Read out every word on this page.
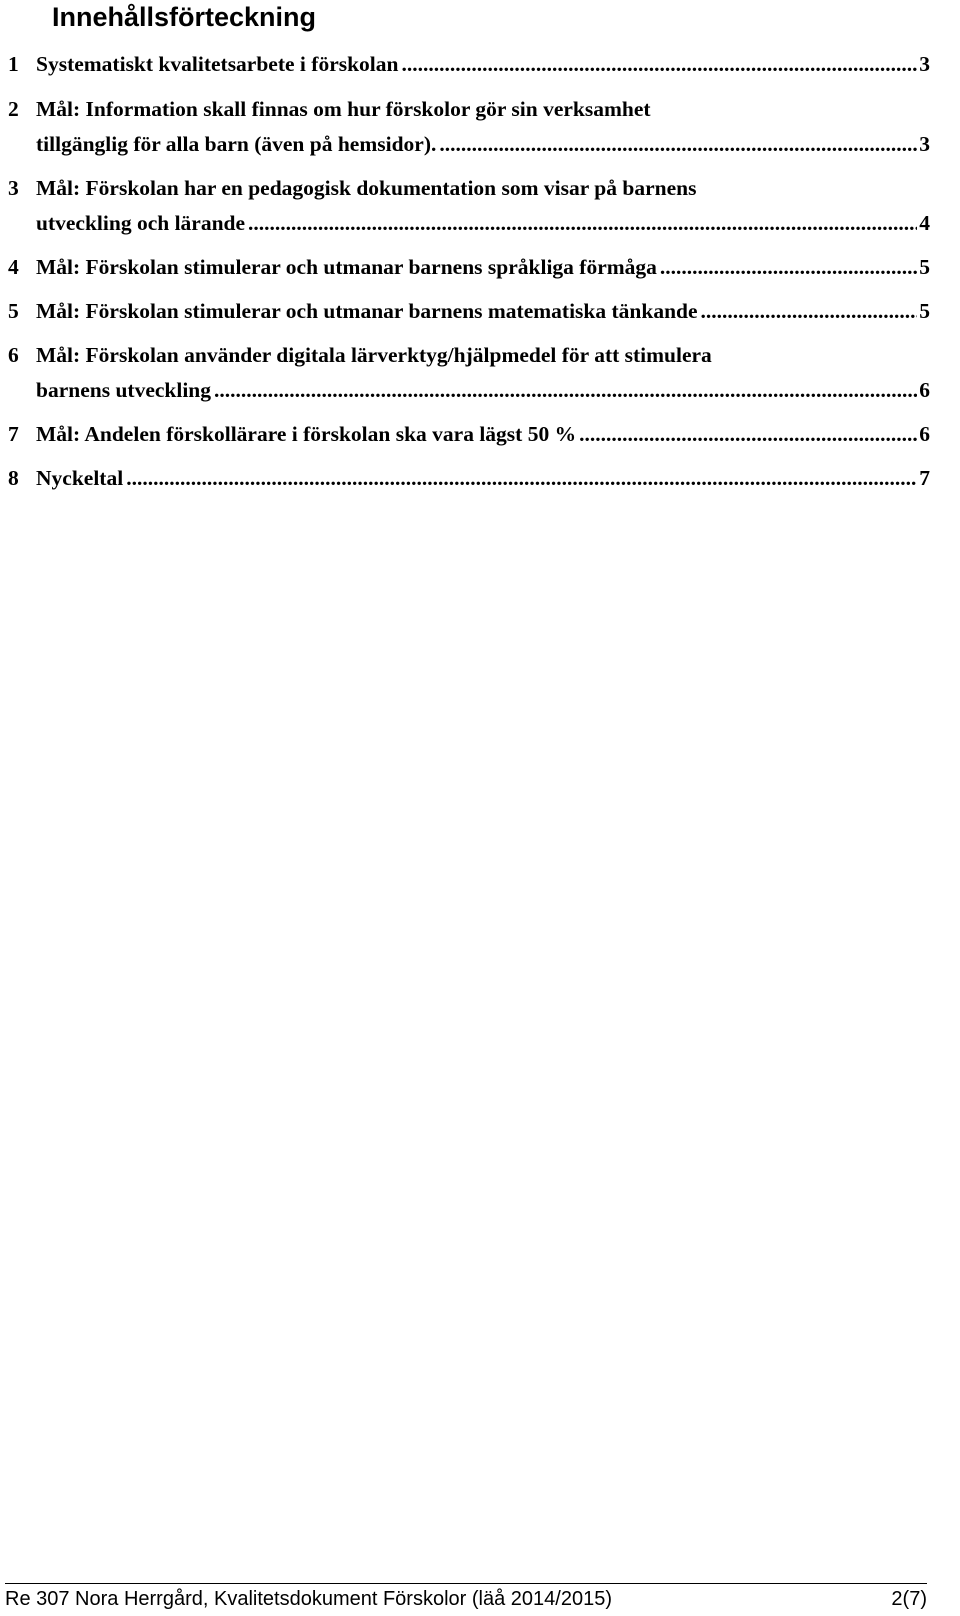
Innehållsförteckning
1 Systematiskt kvalitetsarbete i förskolan .....	3
2 Mål: Information skall finnas om hur förskolor gör sin verksamhet
tillgänglig för alla barn (även på hemsidor). .....	3
3 Mål: Förskolan har en pedagogisk dokumentation som visar på barnens
utveckling och lärande .....	4
4 Mål: Förskolan stimulerar och utmanar barnens språkliga förmåga .....	5
5 Mål: Förskolan stimulerar och utmanar barnens matematiska tänkande .....	5
6 Mål: Förskolan använder digitala lärverktyg/hjälpmedel för att stimulera
barnens utveckling .....	6
7 Mål: Andelen förskollärare i förskolan ska vara lägst 50 % .....	6
8 Nyckeltal .....	7
Re 307 Nora Herrgård, Kvalitetsdokument Förskolor (läå 2014/2015)	2(7)
